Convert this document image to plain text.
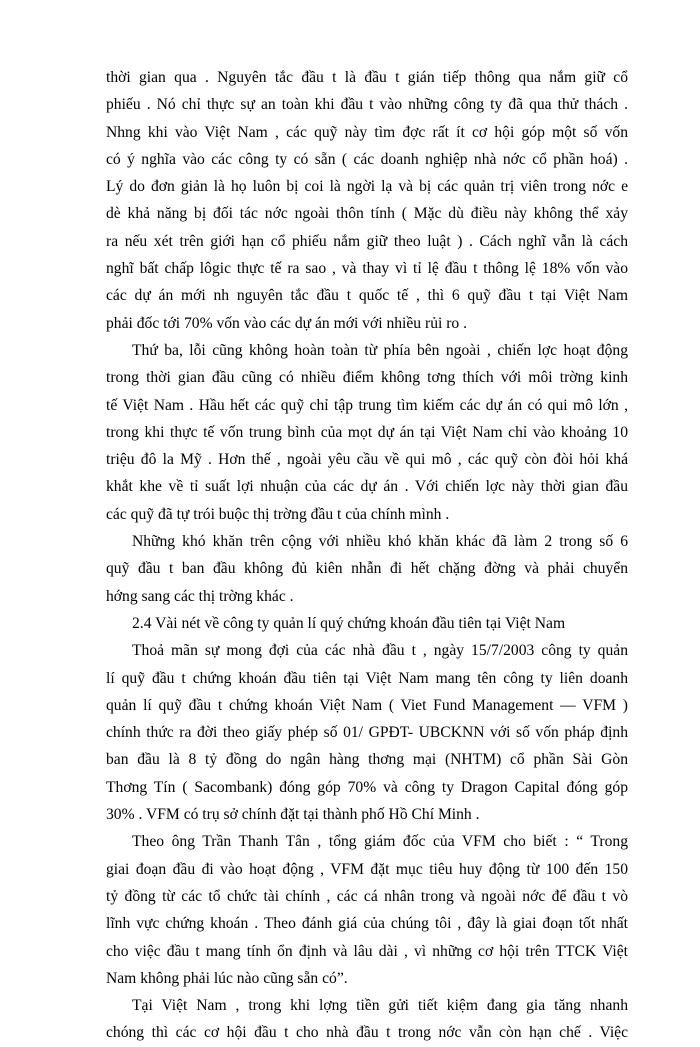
thời gian qua . Nguyên tắc đầu t là đầu t gián tiếp thông qua nắm giữ cổ
phiếu . Nó chỉ thực sự an toàn khi đầu t vào những công ty đã qua thử thách .
Nhng khi vào Việt Nam , các quỹ này tìm đợc rất ít cơ hội góp một số vốn
có ý nghĩa vào các công ty có sẵn ( các doanh nghiệp nhà nớc cổ phần hoá) .
Lý do đơn giản là họ luôn bị coi là ngời lạ và bị các quản trị viên trong nớc e
dè khả năng bị đối tác nớc ngoài thôn tính ( Mặc dù điều này không thể xảy
ra nếu xét trên giới hạn cổ phiếu nắm giữ theo luật ) . Cách nghĩ vẫn là cách
nghĩ bất chấp lôgic thực tế ra sao , và thay vì tỉ lệ đầu t thông lệ 18% vốn vào
các dự án mới nh nguyên tắc đầu t quốc tế , thì 6 quỹ đầu t tại Việt Nam
phải đốc tới 70% vốn vào các dự án mới với nhiều rủi ro .
Thứ ba, lỗi cũng không hoàn toàn từ phía bên ngoài , chiến lợc hoạt động
trong thời gian đầu cũng có nhiều điểm không tơng thích với môi trờng kinh
tế Việt Nam . Hầu hết các quỹ chỉ tập trung tìm kiếm các dự án có qui mô lớn ,
trong khi thực tế vốn trung bình của mọt dự án tại Việt Nam chỉ vào khoảng 10
triệu đô la Mỹ . Hơn thế , ngoài yêu cầu về qui mô , các quỹ còn đòi hỏi khá
khắt khe về tỉ suất lợi nhuận của các dự án . Với chiến lợc này thời gian đầu
các quỹ đã tự trói buộc thị trờng đầu t của chính mình .
Những khó khăn trên cộng với nhiều khó khăn khác đã làm 2 trong số 6
quỹ đầu t ban đầu không đủ kiên nhẫn đi hết chặng đờng và phải chuyển
hớng sang các thị trờng khác .
2.4 Vài nét về công ty quản lí quý chứng khoán đầu tiên tại Việt Nam
Thoả mãn sự mong đợi của các nhà đầu t , ngày 15/7/2003 công ty quản
lí quỹ đầu t chứng khoán đầu tiên tại Việt Nam mang tên công ty liên doanh
quản lí quỹ đầu t chứng khoán Việt Nam ( Viet Fund Management — VFM )
chính thức ra đời theo giấy phép số 01/ GPĐT- UBCKNN với số vốn pháp định
ban đầu là 8 tỷ đồng do ngân hàng thơng mại (NHTM) cổ phần Sài Gòn
Thơng Tín ( Sacombank) đóng góp 70% và công ty Dragon Capital đóng góp
30% . VFM có trụ sở chính đặt tại thành phố Hồ Chí Minh .
Theo ông Trần Thanh Tân , tổng giám đốc của VFM cho biết : “ Trong
giai đoạn đầu đi vào hoạt động , VFM đặt mục tiêu huy động từ 100 đến 150
tỷ đồng từ các tổ chức tài chính , các cá nhân trong và ngoài nớc để đầu t vò
lĩnh vực chứng khoán . Theo đánh giá của chúng tôi , đây là giai đoạn tốt nhất
cho việc đầu t mang tính ổn định và lâu dài , vì những cơ hội trên TTCK Việt
Nam không phải lúc nào cũng sẵn có”.
Tại Việt Nam , trong khi lợng tiền gửi tiết kiệm đang gia tăng nhanh
chóng thì các cơ hội đầu t cho nhà đầu t trong nớc vẫn còn hạn chế . Việc
